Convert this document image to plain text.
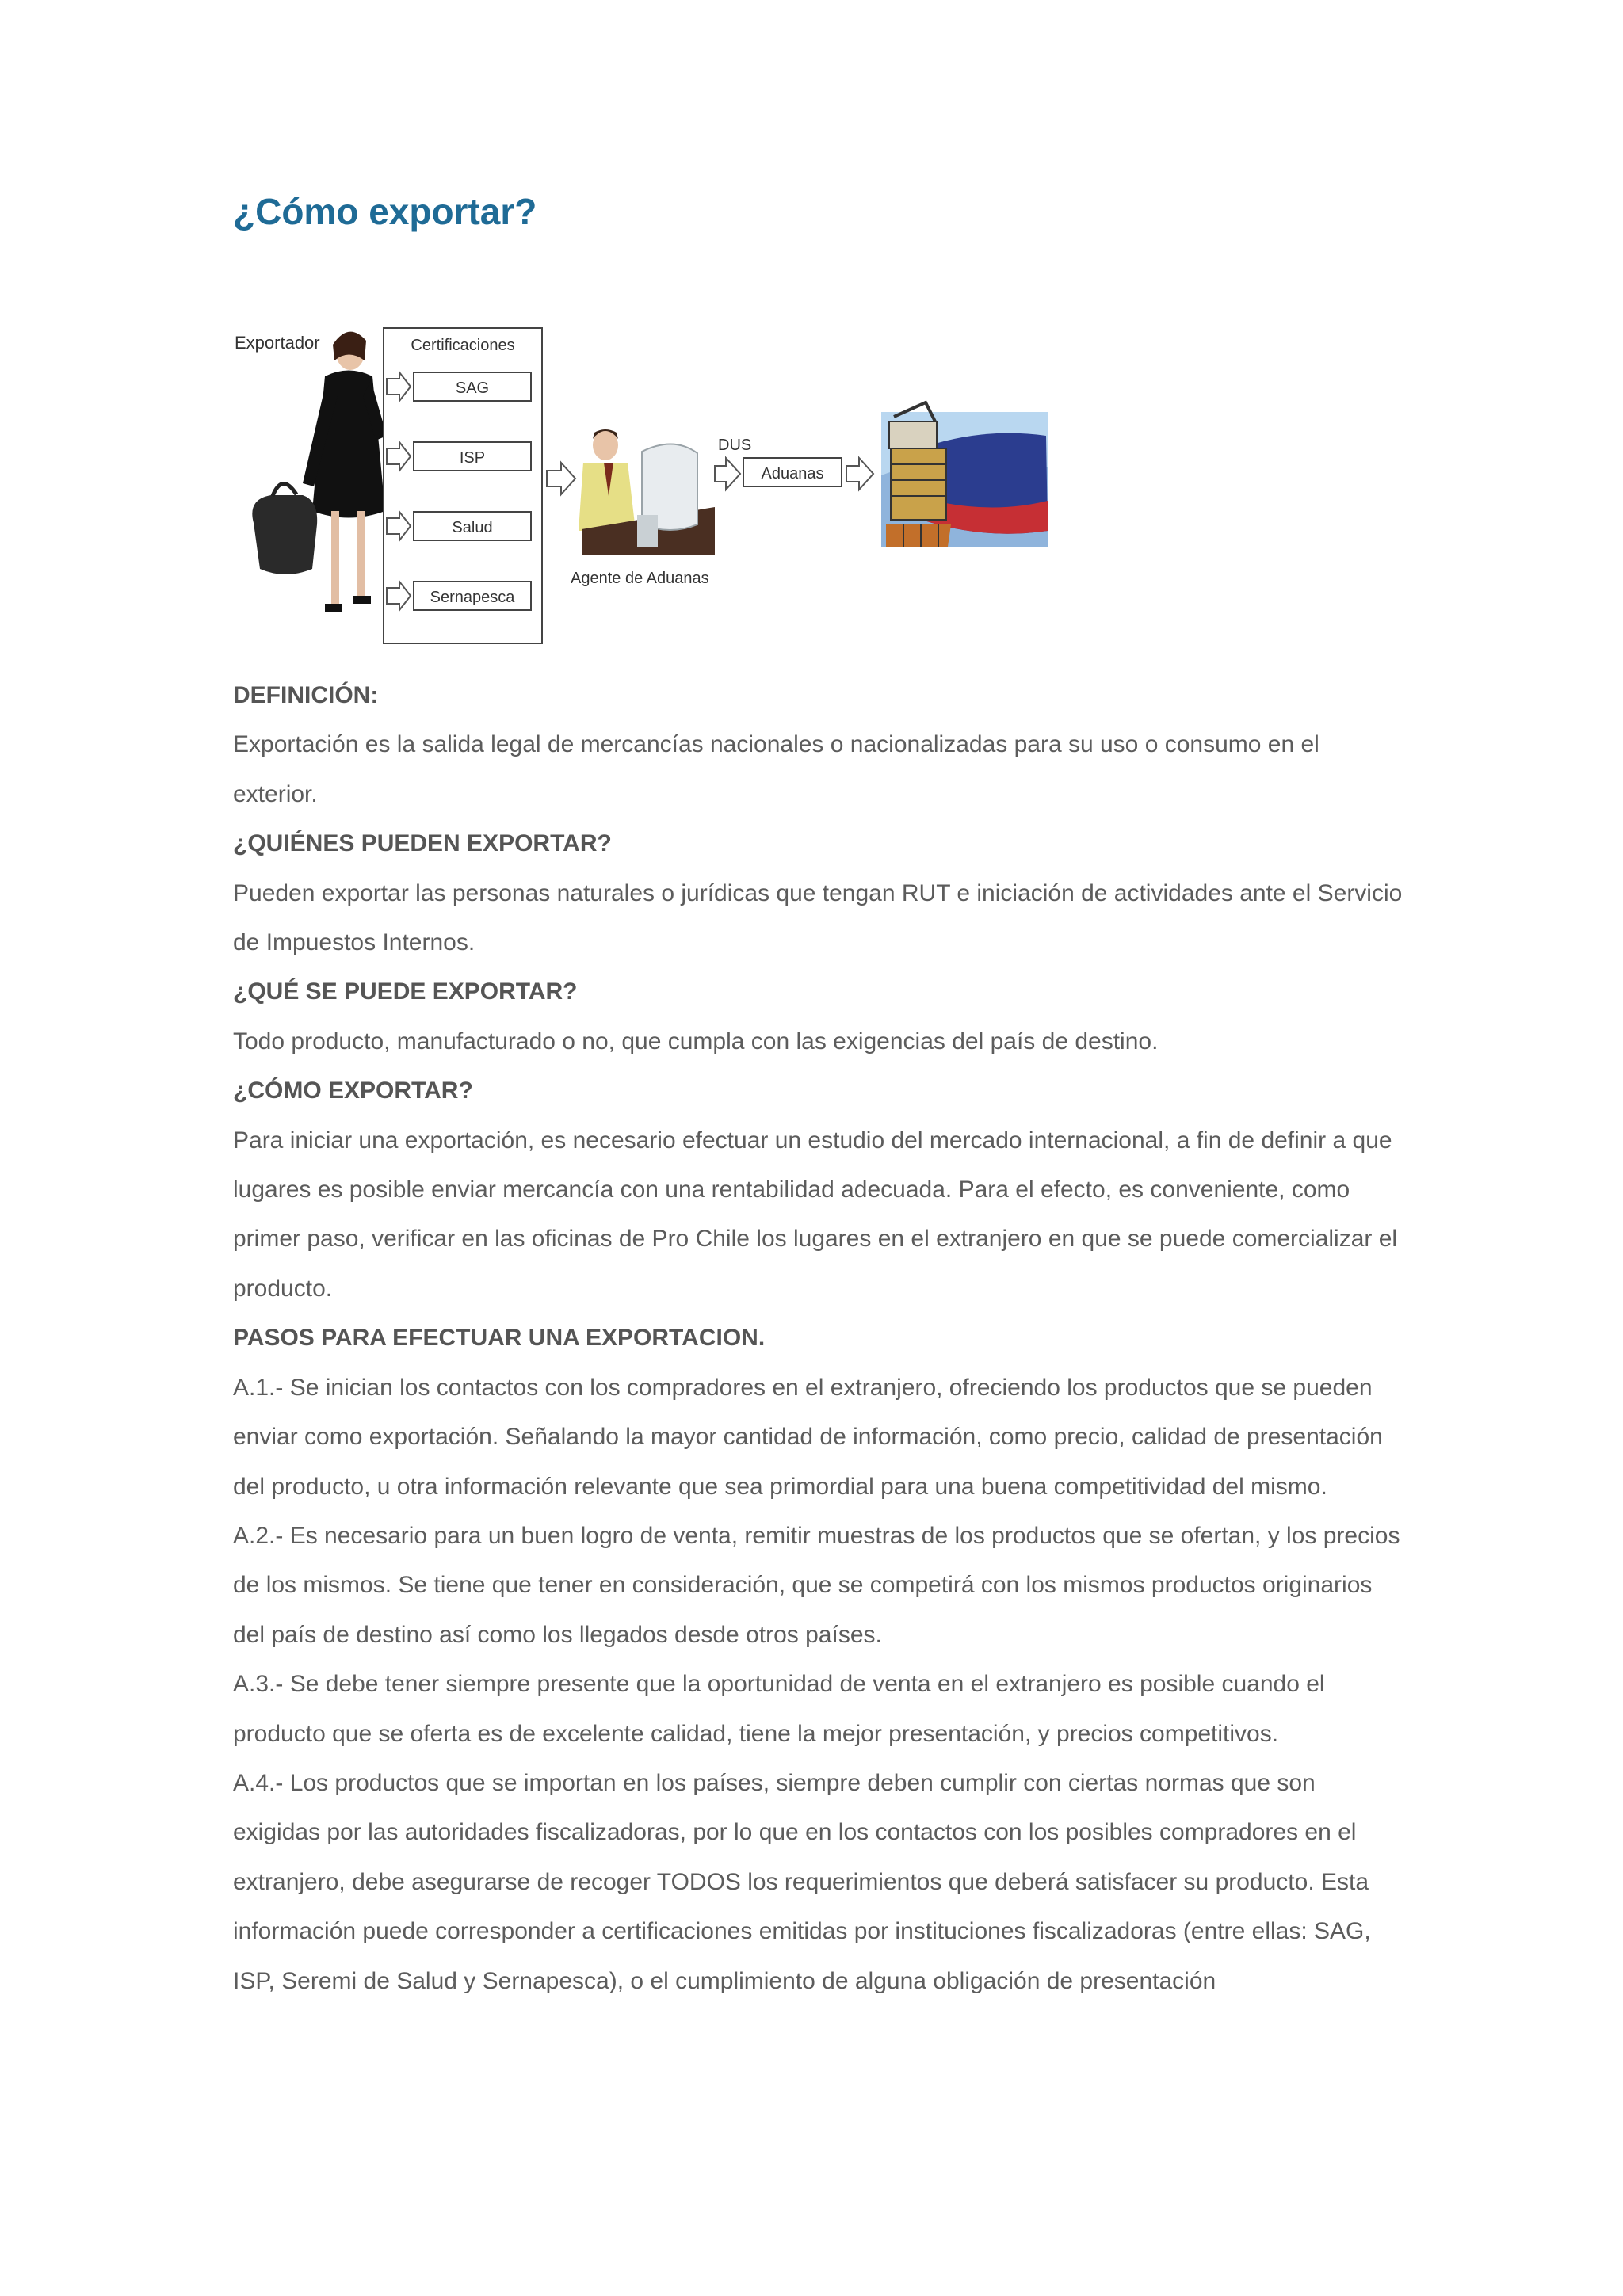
¿Cómo exportar?
Exportador	Certificaciones
SAG
ISP
Salud
Sernapesca
Agente de Aduanas
DUS
Aduanas
DEFINICIÓN:

Exportación es la salida legal de mercancías nacionales o nacionalizadas para su uso o consumo en el exterior.

¿QUIÉNES PUEDEN EXPORTAR?

Pueden exportar las personas naturales o jurídicas que tengan RUT e iniciación de actividades ante el Servicio de Impuestos Internos.

¿QUÉ SE PUEDE EXPORTAR?

Todo producto, manufacturado o no, que cumpla con las exigencias del país de destino.

¿CÓMO EXPORTAR?

Para iniciar una exportación, es necesario efectuar un estudio del mercado internacional, a fin de definir a que lugares es posible enviar mercancía con una rentabilidad adecuada. Para el efecto, es conveniente, como primer paso, verificar en las oficinas de Pro Chile los lugares en el extranjero en que se puede comercializar el producto.

PASOS PARA EFECTUAR UNA EXPORTACION.

A.1.- Se inician los contactos con los compradores en el extranjero, ofreciendo los productos que se pueden enviar como exportación. Señalando la mayor cantidad de información, como precio, calidad de presentación del producto, u otra información relevante que sea primordial para una buena competitividad del mismo.

A.2.- Es necesario para un buen logro de venta, remitir muestras de los productos que se ofertan, y los precios de los mismos. Se tiene que tener en consideración, que se competirá con los mismos productos originarios del país de destino así como los llegados desde otros países.

A.3.- Se debe tener siempre presente que la oportunidad de venta en el extranjero es posible cuando el producto que se oferta es de excelente calidad, tiene la mejor presentación, y precios competitivos.

A.4.- Los productos que se importan en los países, siempre deben cumplir con ciertas normas que son exigidas por las autoridades fiscalizadoras, por lo que en los contactos con los posibles compradores en el extranjero, debe asegurarse de recoger TODOS los requerimientos que deberá satisfacer su producto. Esta información puede corresponder a certificaciones emitidas por instituciones fiscalizadoras (entre ellas: SAG, ISP, Seremi de Salud y Sernapesca), o el cumplimiento de alguna obligación de presentación
